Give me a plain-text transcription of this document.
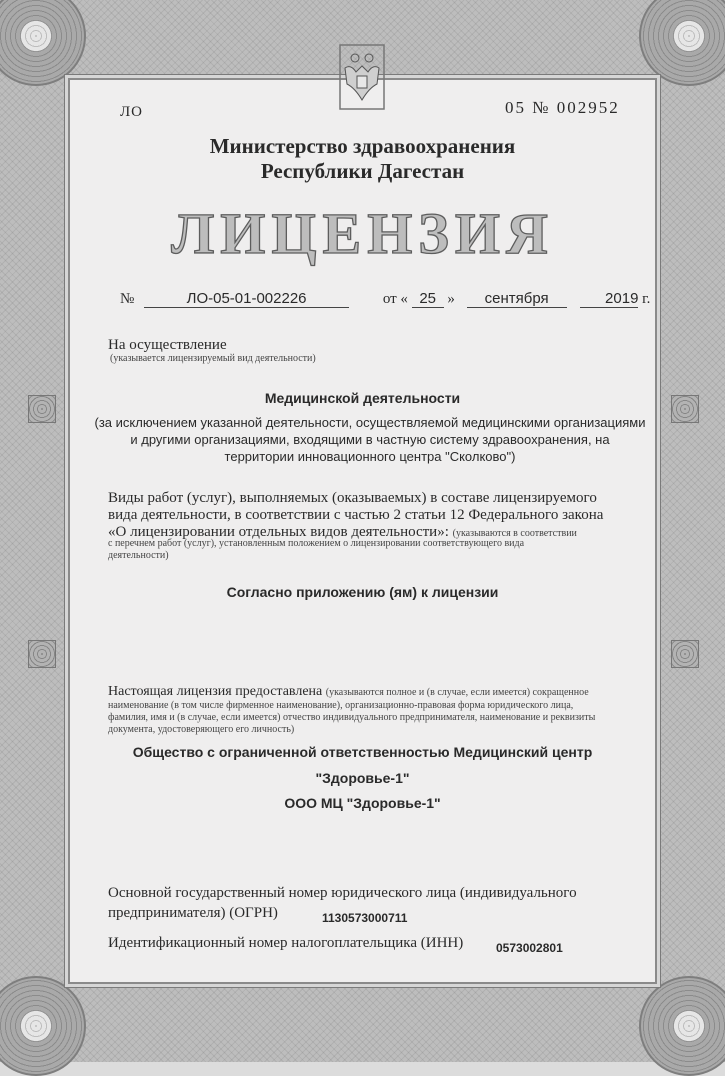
ЛО	05 № 002952
Министерство здравоохранения
Республики Дагестан
ЛИЦЕНЗИЯ
№	ЛО-05-01-002226	от « 25 » сентября	2019 г.
На осуществление
(указывается лицензируемый вид деятельности)
Медицинской деятельности
(за исключением указанной деятельности, осуществляемой медицинскими организациями
и другими организациями, входящими в частную систему здравоохранения, на
территории инновационного центра "Сколково")
Виды работ (услуг), выполняемых (оказываемых) в составе лицензируемого
вида деятельности, в соответствии с частью 2 статьи 12 Федерального закона
«О лицензировании отдельных видов деятельности»: (указываются в соответствии
с перечнем работ (услуг), установленным положением о лицензировании соответствующего вида
деятельности)
Согласно приложению (ям) к лицензии
Настоящая лицензия предоставлена (указываются полное и (в случае, если имеется) сокращенное
наименование (в том числе фирменное наименование), организационно-правовая форма юридического лица,
фамилия, имя и (в случае, если имеется) отчество индивидуального предпринимателя, наименование и реквизиты
документа, удостоверяющего его личность)
Общество с ограниченной ответственностью Медицинский центр
"Здоровье-1"
ООО МЦ "Здоровье-1"
Основной государственный номер юридического лица (индивидуального
предпринимателя) (ОГРН)	1130573000711
Идентификационный номер налогоплательщика (ИНН)	0573002801
